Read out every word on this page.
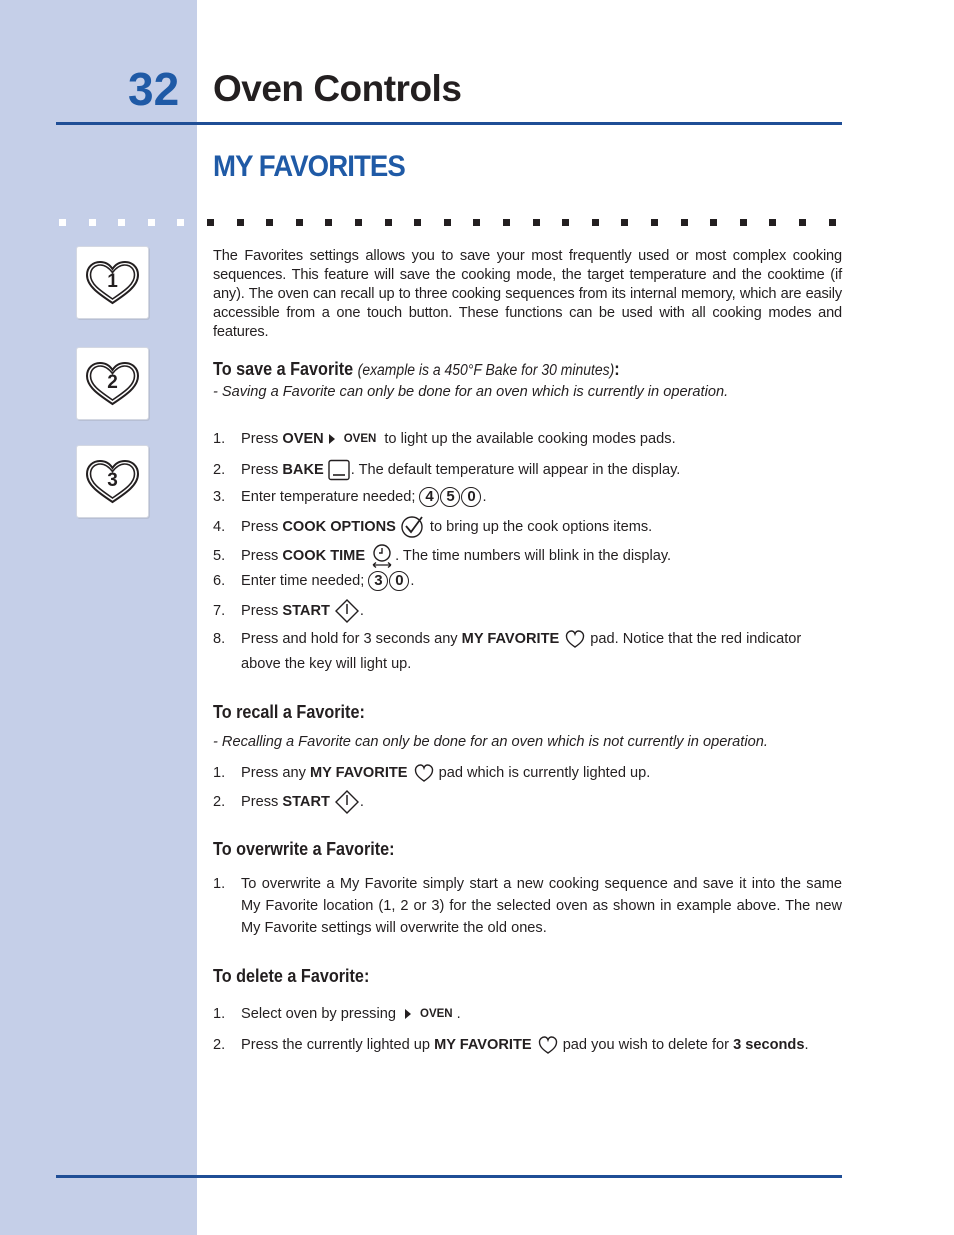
32 Oven Controls
MY FAVORITES
1
2
3
The Favorites settings allows you to save your most frequently used or most complex cooking sequences. This feature will save the cooking mode, the target temperature and the cooktime (if any). The oven can recall up to three cooking sequences from its internal memory, which are easily accessible from a one touch button. These functions can be used with all cooking modes and features.
To save a Favorite (example is a 450°F Bake for 30 minutes):
- Saving a Favorite can only be done for an oven which is currently in operation.
1.	Press OVEN OVEN to light up the available cooking modes pads.
2.	Press BAKE . The default temperature will appear in the display.
3.	Enter temperature needed; 4 5 0 .
4.	Press COOK OPTIONS to bring up the cook options items.
5.	Press COOK TIME . The time numbers will blink in the display.
6.	Enter time needed; 3 0 .
7.	Press START .
8.	Press and hold for 3 seconds any MY FAVORITE pad. Notice that the red indicator
above the key will light up.
To recall a Favorite:
- Recalling a Favorite can only be done for an oven which is not currently in operation.
1.	Press any MY FAVORITE pad which is currently lighted up.
2.	Press START .
To overwrite a Favorite:
1. To overwrite a My Favorite simply start a new cooking sequence and save it into the same My Favorite location (1, 2 or 3) for the selected oven as shown in example above. The new My Favorite settings will overwrite the old ones.
To delete a Favorite:
1.	Select oven by pressing OVEN .
2.	Press the currently lighted up MY FAVORITE pad you wish to delete for 3 seconds .
